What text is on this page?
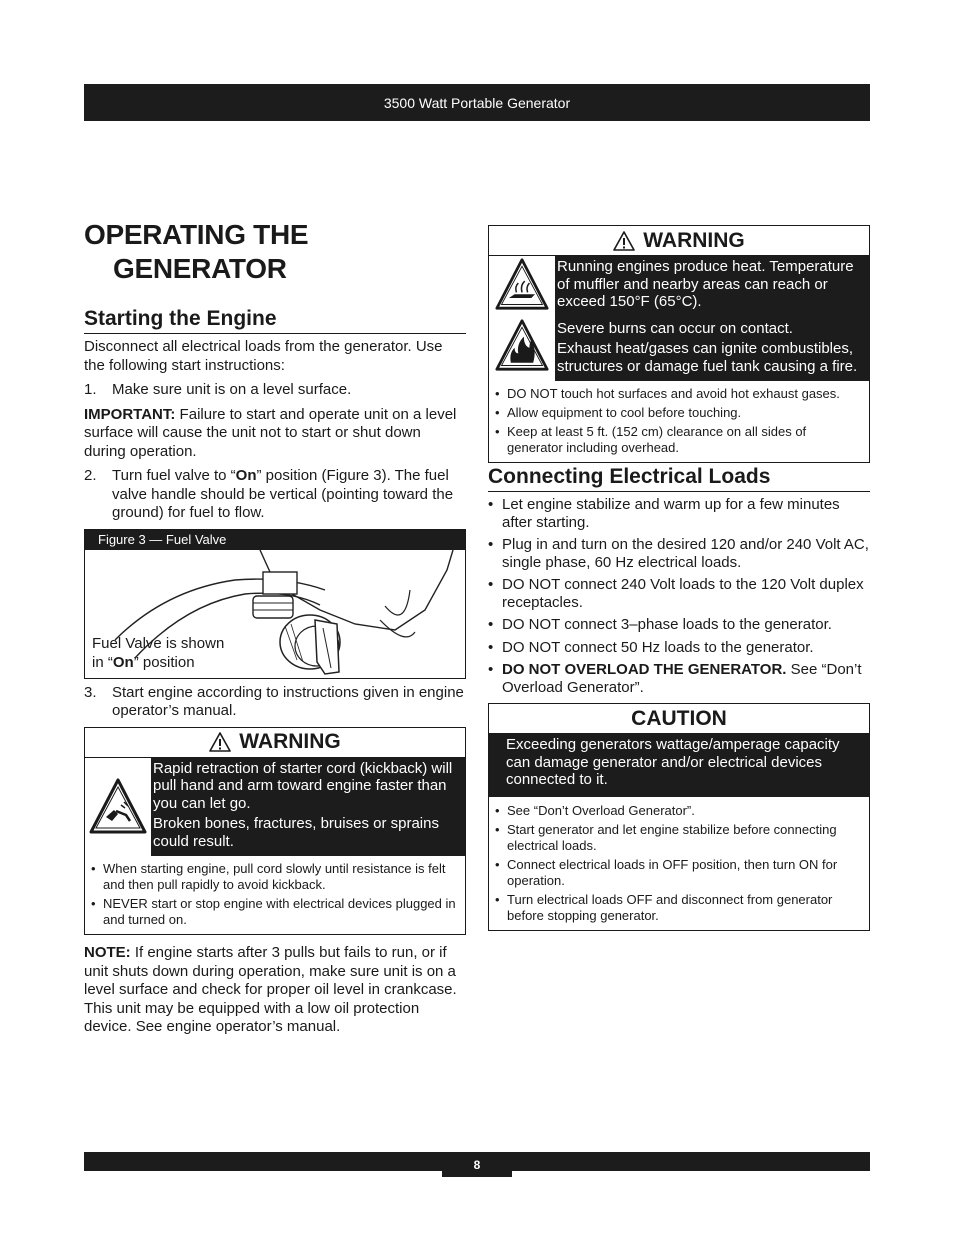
3500 Watt Portable Generator
OPERATING THE
GENERATOR
Starting the Engine

Disconnect all electrical loads from the generator. Use the following start instructions:

1.	Make sure unit is on a level surface.

IMPORTANT: Failure to start and operate unit on a level surface will cause the unit not to start or shut down during operation.

2.	Turn fuel valve to “On” position (Figure 3). The fuel valve handle should be vertical (pointing toward the ground) for fuel to flow.
Figure 3 — Fuel Valve
Fuel Valve is shown
in “On” position
3.	Start engine according to instructions given in engine operator’s manual.
WARNING

Rapid retraction of starter cord (kickback) will pull hand and arm toward engine faster than you can let go.

Broken bones, fractures, bruises or sprains could result.

• When starting engine, pull cord slowly until resistance is felt and then pull rapidly to avoid kickback.
• NEVER start or stop engine with electrical devices plugged in and turned on.

NOTE: If engine starts after 3 pulls but fails to run, or if unit shuts down during operation, make sure unit is on a level surface and check for proper oil level in crankcase. This unit may be equipped with a low oil protection device. See engine operator’s manual.

WARNING

Running engines produce heat. Temperature of muffler and nearby areas can reach or exceed 150°F (65°C).

Severe burns can occur on contact.

Exhaust heat/gases can ignite combustibles, structures or damage fuel tank causing a fire.

• DO NOT touch hot surfaces and avoid hot exhaust gases.
• Allow equipment to cool before touching.
• Keep at least 5 ft. (152 cm) clearance on all sides of generator including overhead.
Connecting Electrical Loads
• Let engine stabilize and warm up for a few minutes after starting.
• Plug in and turn on the desired 120 and/or 240 Volt AC, single phase, 60 Hz electrical loads.
• DO NOT connect 240 Volt loads to the 120 Volt duplex receptacles.
• DO NOT connect 3–phase loads to the generator.
• DO NOT connect 50 Hz loads to the generator.
• DO NOT OVERLOAD THE GENERATOR. See “Don’t Overload Generator”.
CAUTION
Exceeding generators wattage/amperage capacity can damage generator and/or electrical devices connected to it.
• See “Don’t Overload Generator”.
• Start generator and let engine stabilize before connecting electrical loads.
• Connect electrical loads in OFF position, then turn ON for operation.
• Turn electrical loads OFF and disconnect from generator before stopping generator.
8
